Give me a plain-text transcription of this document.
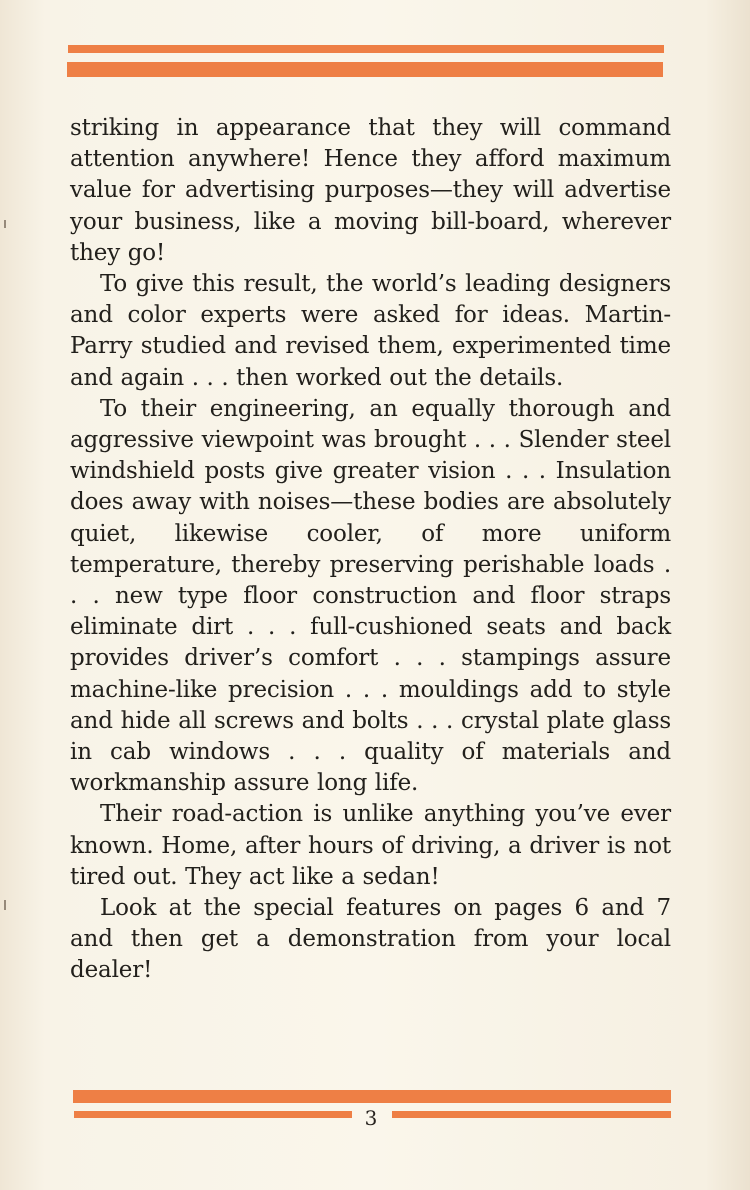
striking in appearance that they will command attention anywhere! Hence they afford maximum value for advertising purposes—they will advertise your business, like a moving bill-board, wherever they go!

To give this result, the world’s leading designers and color experts were asked for ideas. Martin-Parry studied and revised them, experimented time and again . . . then worked out the details.

To their engineering, an equally thorough and aggressive viewpoint was brought . . . Slender steel windshield posts give greater vision . . . Insulation does away with noises—these bodies are absolutely quiet, likewise cooler, of more uniform temperature, thereby preserving perishable loads . . . new type floor construction and floor straps eliminate dirt . . . full-cushioned seats and back provides driver’s comfort . . . stampings assure machine-like precision . . . mouldings add to style and hide all screws and bolts . . . crystal plate glass in cab windows . . . quality of materials and workmanship assure long life.

Their road-action is unlike anything you’ve ever known. Home, after hours of driving, a driver is not tired out. They act like a sedan!

Look at the special features on pages 6 and 7 and then get a demonstration from your local dealer!

3
